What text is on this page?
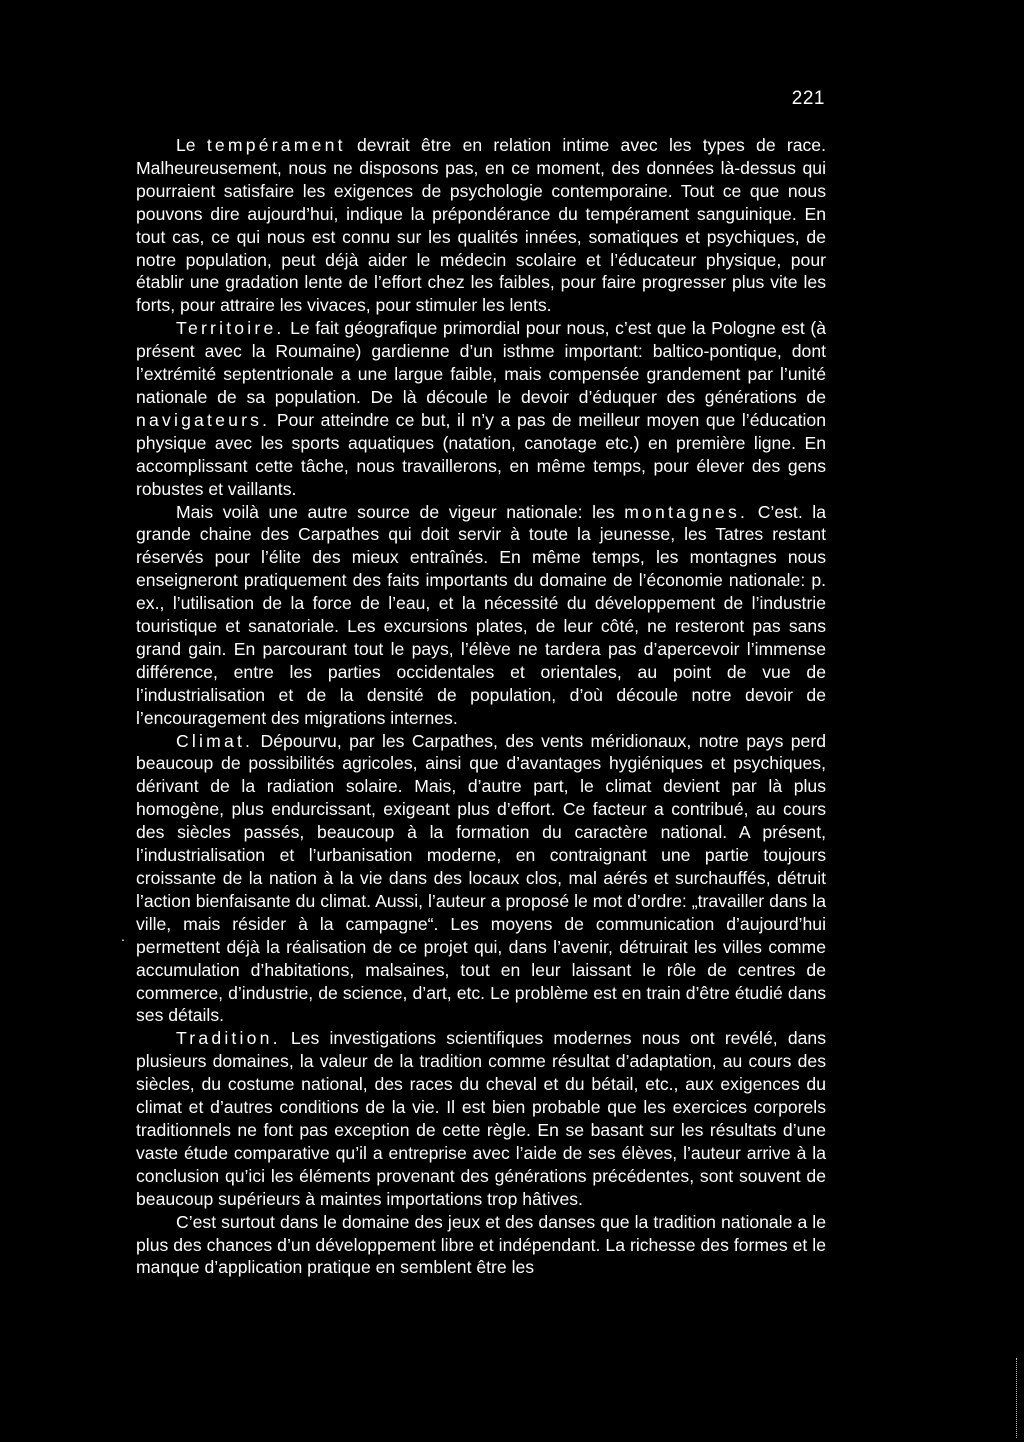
221
.

Le tempérament devrait être en relation intime avec les types de race. Malheureusement, nous ne disposons pas, en ce moment, des données là-dessus qui pourraient satisfaire les exigences de psychologie contemporaine. Tout ce que nous pouvons dire aujourd’hui, indique la prépondérance du tempérament sanguinique. En tout cas, ce qui nous est connu sur les qualités innées, somatiques et psychiques, de notre population, peut déjà aider le médecin scolaire et l’éducateur physique, pour établir une gradation lente de l’effort chez les faibles, pour faire progresser plus vite les forts, pour attraire les vivaces, pour stimuler les lents.

Territoire. Le fait géografique primordial pour nous, c’est que la Pologne est (à présent avec la Roumaine) gardienne d’un isthme important: baltico-pontique, dont l’extrémité septentrionale a une largue faible, mais compensée grandement par l’unité nationale de sa population. De là découle le devoir d’éduquer des générations de navigateurs. Pour atteindre ce but, il n’y a pas de meilleur moyen que l’éducation physique avec les sports aquatiques (natation, canotage etc.) en première ligne. En accomplissant cette tâche, nous travaillerons, en même temps, pour élever des gens robustes et vaillants.

Mais voilà une autre source de vigeur nationale: les montagnes. C’est. la grande chaine des Carpathes qui doit servir à toute la jeunesse, les Tatres restant réservés pour l’élite des mieux entraînés. En même temps, les montagnes nous enseigneront pratiquement des faits importants du domaine de l’économie nationale: p. ex., l’utilisation de la force de l’eau, et la nécessité du développement de l’industrie touristique et sanatoriale. Les excursions plates, de leur côté, ne resteront pas sans grand gain. En parcourant tout le pays, l’élève ne tardera pas d’apercevoir l’immense différence, entre les parties occidentales et orientales, au point de vue de l’industrialisation et de la densité de population, d’où découle notre devoir de l’encouragement des migrations internes.

Climat. Dépourvu, par les Carpathes, des vents méridionaux, notre pays perd beaucoup de possibilités agricoles, ainsi que d’avantages hygiéniques et psychiques, dérivant de la radiation solaire. Mais, d’autre part, le climat devient par là plus homogène, plus endurcissant, exigeant plus d’effort. Ce facteur a contribué, au cours des siècles passés, beaucoup à la formation du caractère national. A présent, l’industrialisation et l’urbanisation moderne, en contraignant une partie toujours croissante de la nation à la vie dans des locaux clos, mal aérés et surchauffés, détruit l’action bienfaisante du climat. Aussi, l’auteur a proposé le mot d’ordre: „travailler dans la ville, mais résider à la campagne“. Les moyens de communication d’aujourd’hui permettent déjà la réalisation de ce projet qui, dans l’avenir, détruirait les villes comme accumulation d’habitations, malsaines, tout en leur laissant le rôle de centres de commerce, d’industrie, de science, d’art, etc. Le problème est en train d’être étudié dans ses détails.

Tradition. Les investigations scientifiques modernes nous ont revélé, dans plusieurs domaines, la valeur de la tradition comme résultat d’adaptation, au cours des siècles, du costume national, des races du cheval et du bétail, etc., aux exigences du climat et d’autres conditions de la vie. Il est bien probable que les exercices corporels traditionnels ne font pas exception de cette règle. En se basant sur les résultats d’une vaste étude comparative qu’il a entreprise avec l’aide de ses élèves, l’auteur arrive à la conclusion qu’ici les éléments provenant des générations précédentes, sont souvent de beaucoup supérieurs à maintes importations trop hâtives.

C’est surtout dans le domaine des jeux et des danses que la tradition nationale a le plus des chances d’un développement libre et indépendant. La richesse des formes et le manque d’application pratique en semblent être les
